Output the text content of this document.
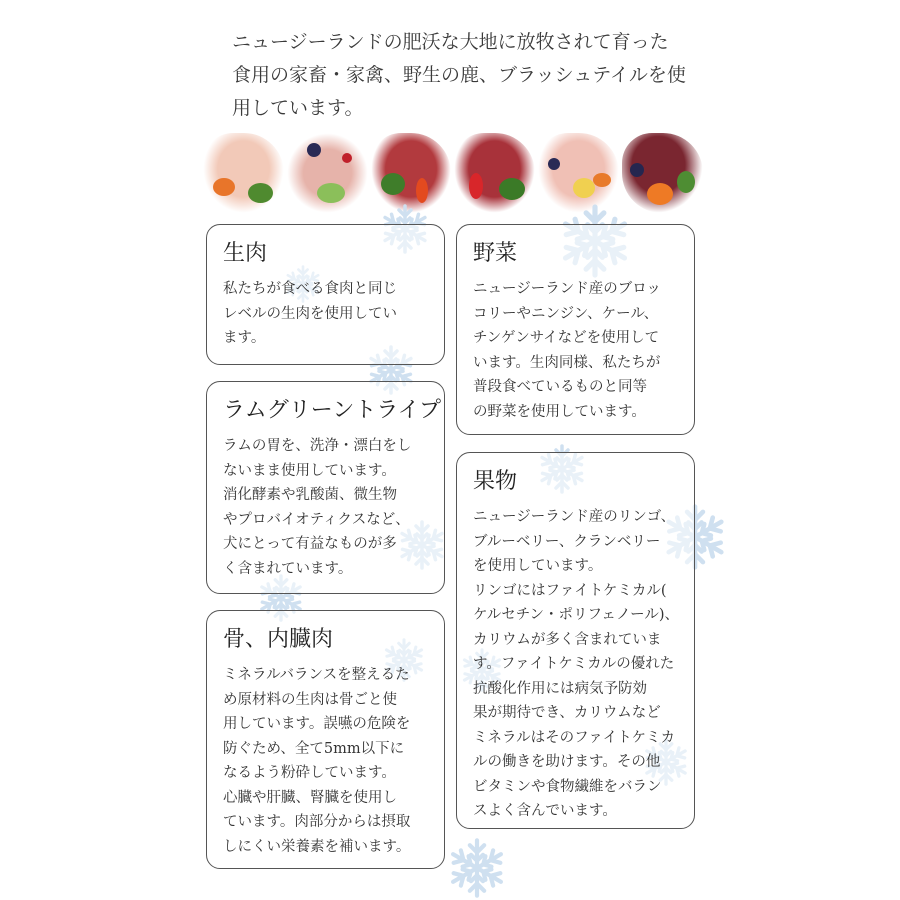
ニュージーランドの肥沃な大地に放牧されて育った
食用の家畜・家禽、野生の鹿、ブラッシュテイルを使
用しています。
生肉
私たちが食べる食肉と同じ
レベルの生肉を使用してい
ます。
野菜
ニュージーランド産のブロッ
コリーやニンジン、ケール、
チンゲンサイなどを使用して
います。生肉同様、私たちが
普段食べているものと同等
の野菜を使用しています。
ラムグリーントライプ
ラムの胃を、洗浄・漂白をし
ないまま使用しています。
消化酵素や乳酸菌、微生物
やプロバイオティクスなど、
犬にとって有益なものが多
く含まれています。
果物
ニュージーランド産のリンゴ、
ブルーベリー、クランベリー
を使用しています。
リンゴにはファイトケミカル(
ケルセチン・ポリフェノール)、
カリウムが多く含まれていま
す。ファイトケミカルの優れた
抗酸化作用には病気予防効
果が期待でき、カリウムなど
ミネラルはそのファイトケミカ
ルの働きを助けます。その他
ビタミンや食物繊維をバラン
スよく含んでいます。
骨、内臓肉
ミネラルバランスを整えるた
め原材料の生肉は骨ごと使
用しています。誤嚥の危険を
防ぐため、全て5mm以下に
なるよう粉砕しています。
心臓や肝臓、腎臓を使用し
ています。肉部分からは摂取
しにくい栄養素を補います。
